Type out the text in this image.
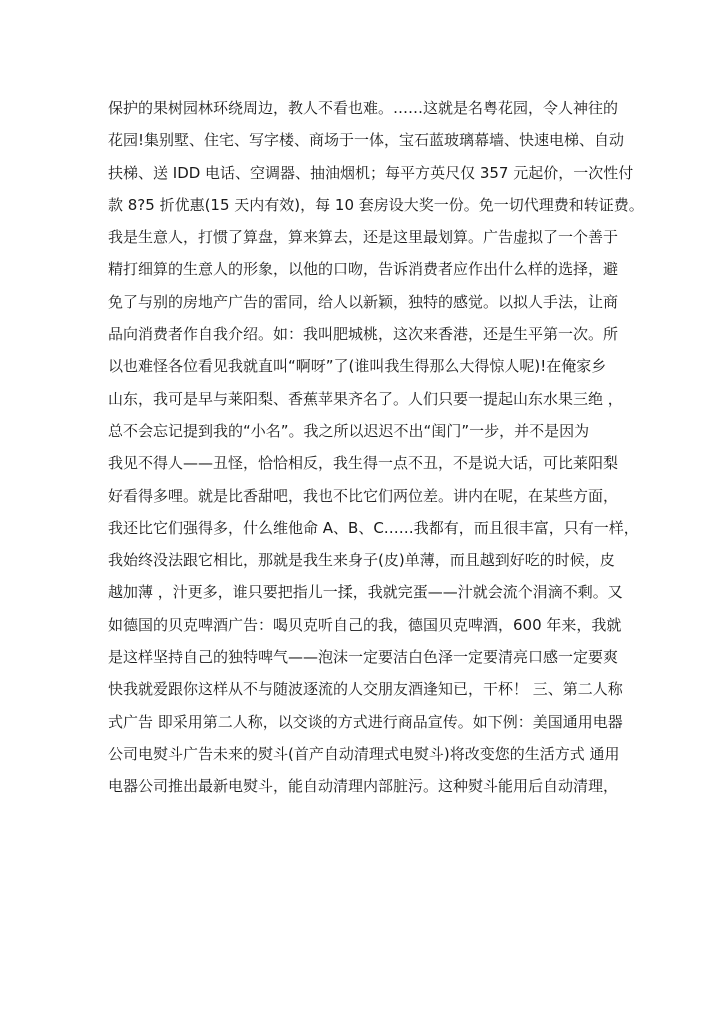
保护的果树园林环绕周边，教人不看也难。……这就是名粤花园，令人神往的
花园!集别墅、住宅、写字楼、商场于一体，宝石蓝玻璃幕墙、快速电梯、自动
扶梯、送 IDD 电话、空调器、抽油烟机；每平方英尺仅 357 元起价，一次性付
款 8?5 折优惠(15 天内有效)，每 10 套房设大奖一份。免一切代理费和转证费。
我是生意人，打惯了算盘，算来算去，还是这里最划算。广告虚拟了一个善于
精打细算的生意人的形象，以他的口吻，告诉消费者应作出什么样的选择，避
免了与别的房地产广告的雷同，给人以新颖，独特的感觉。以拟人手法，让商
品向消费者作自我介绍。如：我叫肥城桃，这次来香港，还是生平第一次。所
以也难怪各位看见我就直叫“啊呀”了(谁叫我生得那么大得惊人呢)!在俺家乡
山东，我可是早与莱阳梨、香蕉苹果齐名了。人们只要一提起山东水果三绝 ，
总不会忘记提到我的“小名”。我之所以迟迟不出“闺门”一步，并不是因为
我见不得人——丑怪，恰恰相反，我生得一点不丑，不是说大话，可比莱阳梨
好看得多哩。就是比香甜吧，我也不比它们两位差。讲内在呢，在某些方面，
我还比它们强得多，什么维他命 A、B、C……我都有，而且很丰富，只有一样，
我始终没法跟它相比，那就是我生来身子(皮)单薄，而且越到好吃的时候，皮
越加薄 ，汁更多，谁只要把指儿一揉，我就完蛋——汁就会流个涓滴不剩。又
如德国的贝克啤酒广告：喝贝克听自己的我，德国贝克啤酒，600 年来，我就
是这样坚持自己的独特啤气——泡沫一定要洁白色泽一定要清亮口感一定要爽
快我就爱跟你这样从不与随波逐流的人交朋友酒逢知已，干杯！ 三、第二人称
式广告 即采用第二人称，以交谈的方式进行商品宣传。如下例：美国通用电器
公司电熨斗广告未来的熨斗(首产自动清理式电熨斗)将改变您的生活方式 通用
电器公司推出最新电熨斗，能自动清理内部脏污。这种熨斗能用后自动清理，
